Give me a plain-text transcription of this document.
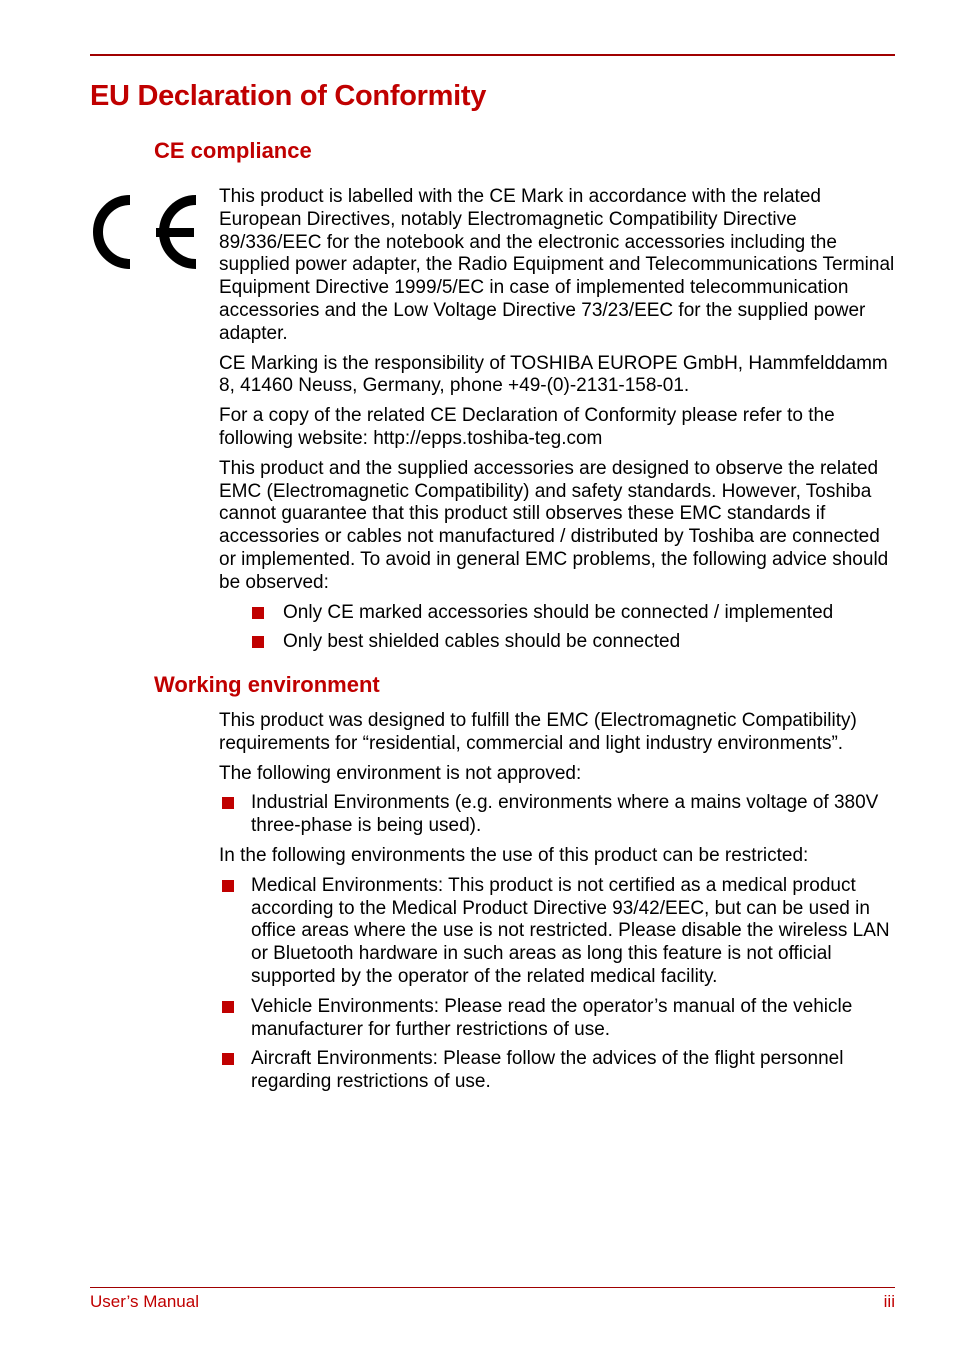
EU Declaration of Conformity
CE compliance

This product is labelled with the CE Mark in accordance with the related European Directives, notably Electromagnetic Compatibility Directive 89/336/EEC for the notebook and the electronic accessories including the supplied power adapter, the Radio Equipment and Telecommunications Terminal Equipment Directive 1999/5/EC in case of implemented telecommunication accessories and the Low Voltage Directive 73/23/EEC for the supplied power adapter.

CE Marking is the responsibility of TOSHIBA EUROPE GmbH, Hammfelddamm 8, 41460 Neuss, Germany, phone +49-(0)-2131-158-01.

For a copy of the related CE Declaration of Conformity please refer to the following website: http://epps.toshiba-teg.com

This product and the supplied accessories are designed to observe the related EMC (Electromagnetic Compatibility) and safety standards. However, Toshiba cannot guarantee that this product still observes these EMC standards if accessories or cables not manufactured / distributed by Toshiba are connected or implemented. To avoid in general EMC problems, the following advice should be observed:

Only CE marked accessories should be connected / implemented
Only best shielded cables should be connected
Working environment

This product was designed to fulfill the EMC (Electromagnetic Compatibility) requirements for “residential, commercial and light industry environments”.

The following environment is not approved:

Industrial Environments (e.g. environments where a mains voltage of 380V three-phase is being used).

In the following environments the use of this product can be restricted:

Medical Environments: This product is not certified as a medical product according to the Medical Product Directive 93/42/EEC, but can be used in office areas where the use is not restricted. Please disable the wireless LAN or Bluetooth hardware in such areas as long this feature is not official supported by the operator of the related medical facility.
Vehicle Environments: Please read the operator’s manual of the vehicle manufacturer for further restrictions of use.
Aircraft Environments: Please follow the advices of the flight personnel regarding restrictions of use.
User’s Manual	iii
